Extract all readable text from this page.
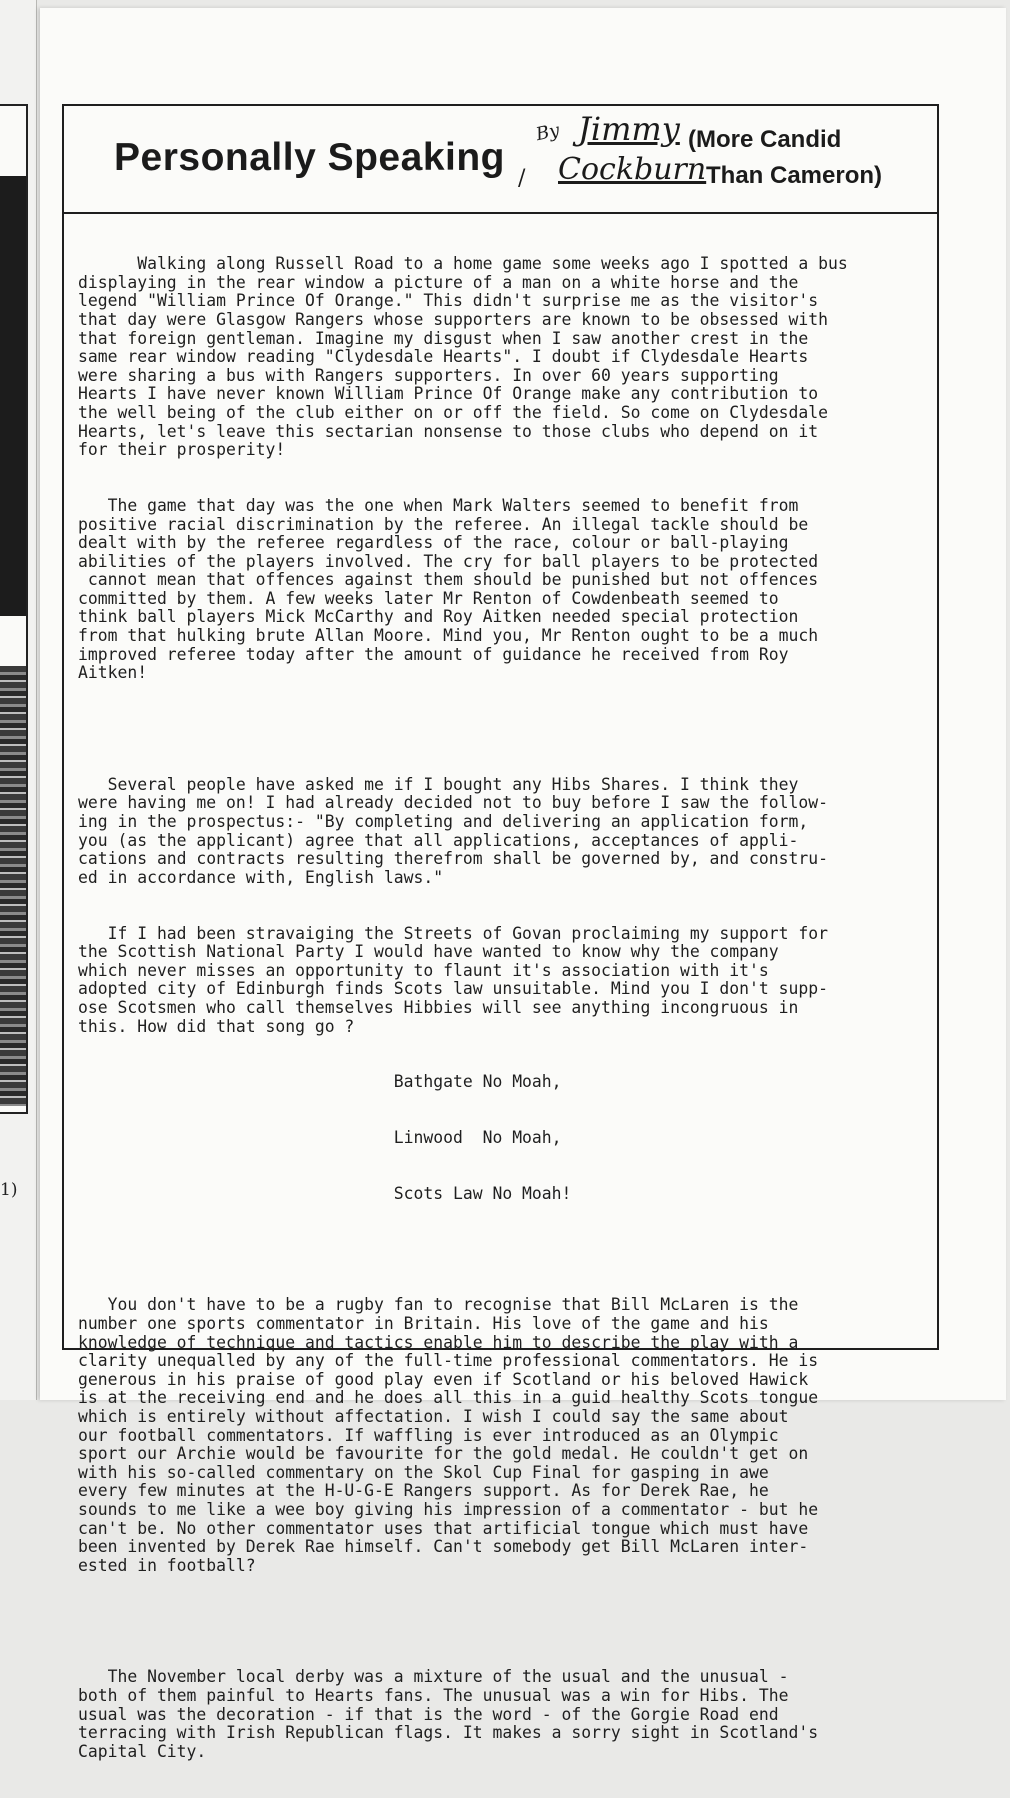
1)
Personally Speaking
By Jimmy
/ Cockburn
(More Candid
Than Cameron)

Walking along Russell Road to a home game some weeks ago I spotted a bus
displaying in the rear window a picture of a man on a white horse and the
legend "William Prince Of Orange." This didn't surprise me as the visitor's
that day were Glasgow Rangers whose supporters are known to be obsessed with
that foreign gentleman. Imagine my disgust when I saw another crest in the
same rear window reading "Clydesdale Hearts". I doubt if Clydesdale Hearts
were sharing a bus with Rangers supporters. In over 60 years supporting
Hearts I have never known William Prince Of Orange make any contribution to
the well being of the club either on or off the field. So come on Clydesdale
Hearts, let's leave this sectarian nonsense to those clubs who depend on it
for their prosperity!

The game that day was the one when Mark Walters seemed to benefit from
positive racial discrimination by the referee. An illegal tackle should be
dealt with by the referee regardless of the race, colour or ball-playing
abilities of the players involved. The cry for ball players to be protected
cannot mean that offences against them should be punished but not offences
committed by them. A few weeks later Mr Renton of Cowdenbeath seemed to
think ball players Mick McCarthy and Roy Aitken needed special protection
from that hulking brute Allan Moore. Mind you, Mr Renton ought to be a much
improved referee today after the amount of guidance he received from Roy
Aitken!

Several people have asked me if I bought any Hibs Shares. I think they
were having me on! I had already decided not to buy before I saw the follow-
ing in the prospectus:- "By completing and delivering an application form,
you (as the applicant) agree that all applications, acceptances of appli-
cations and contracts resulting therefrom shall be governed by, and constru-
ed in accordance with, English laws."

If I had been stravaiging the Streets of Govan proclaiming my support for
the Scottish National Party I would have wanted to know why the company
which never misses an opportunity to flaunt it's association with it's
adopted city of Edinburgh finds Scots law unsuitable. Mind you I don't supp-
ose Scotsmen who call themselves Hibbies will see anything incongruous in
this. How did that song go ?

Bathgate No Moah,

Linwood  No Moah,

Scots Law No Moah!

You don't have to be a rugby fan to recognise that Bill McLaren is the
number one sports commentator in Britain. His love of the game and his
knowledge of technique and tactics enable him to describe the play with a
clarity unequalled by any of the full-time professional commentators. He is
generous in his praise of good play even if Scotland or his beloved Hawick
is at the receiving end and he does all this in a guid healthy Scots tongue
which is entirely without affectation. I wish I could say the same about
our football commentators. If waffling is ever introduced as an Olympic
sport our Archie would be favourite for the gold medal. He couldn't get on
with his so-called commentary on the Skol Cup Final for gasping in awe
every few minutes at the H-U-G-E Rangers support. As for Derek Rae, he
sounds to me like a wee boy giving his impression of a commentator - but he
can't be. No other commentator uses that artificial tongue which must have
been invented by Derek Rae himself. Can't somebody get Bill McLaren inter-
ested in football?

The November local derby was a mixture of the usual and the unusual -
both of them painful to Hearts fans. The unusual was a win for Hibs. The
usual was the decoration - if that is the word - of the Gorgie Road end
terracing with Irish Republican flags. It makes a sorry sight in Scotland's
Capital City.
